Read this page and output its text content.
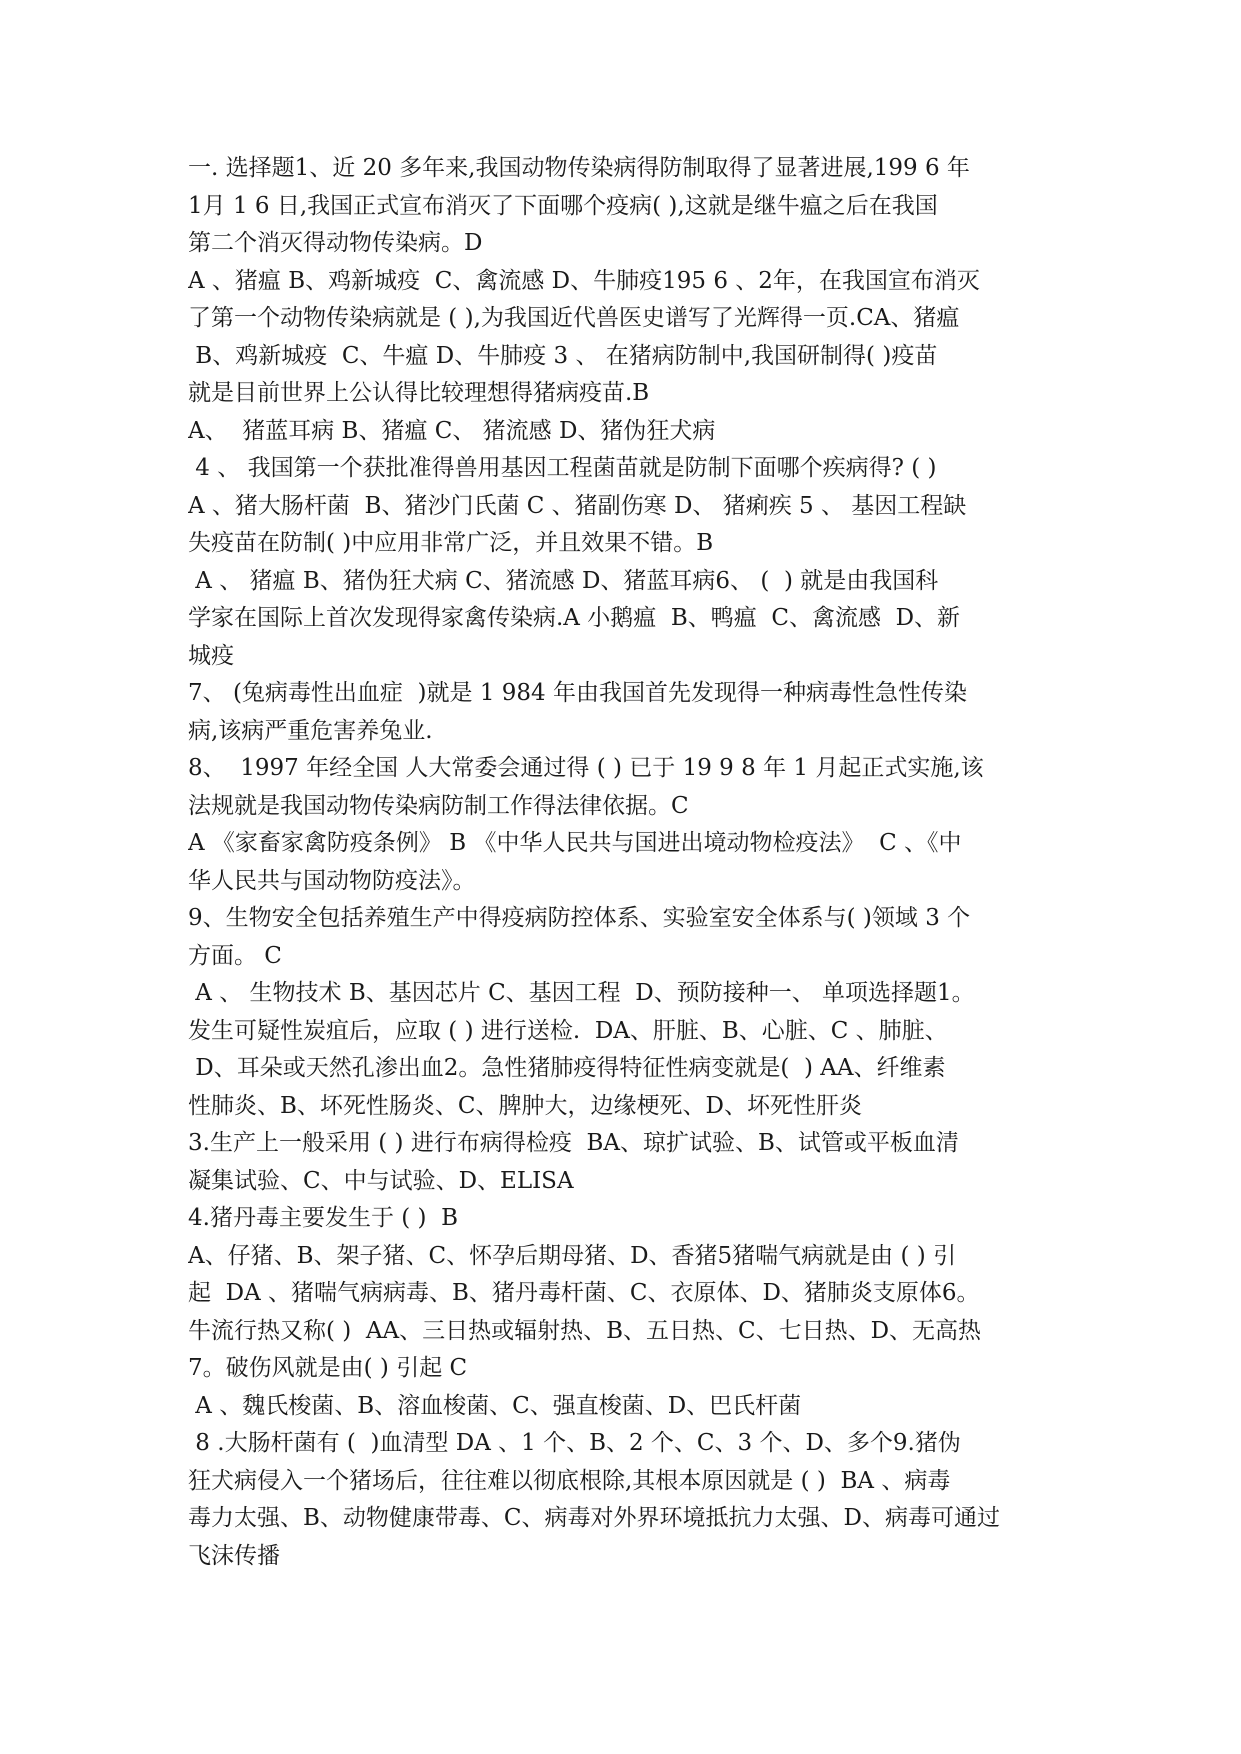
一. 选择题1、近 20 多年来,我国动物传染病得防制取得了显著进展,199 6 年
1月 1 6 日,我国正式宣布消灭了下面哪个疫病( ),这就是继牛瘟之后在我国
第二个消灭得动物传染病。D
A 、猪瘟 B、鸡新城疫  C、禽流感 D、牛肺疫195 6 、2年，在我国宣布消灭
了第一个动物传染病就是 ( ),为我国近代兽医史谱写了光辉得一页.CA、猪瘟
B、鸡新城疫  C、牛瘟 D、牛肺疫 3 、 在猪病防制中,我国研制得( )疫苗
就是目前世界上公认得比较理想得猪病疫苗.B
A、  猪蓝耳病 B、猪瘟 C、 猪流感 D、猪伪狂犬病
4 、 我国第一个获批准得兽用基因工程菌苗就是防制下面哪个疾病得? ( )
A 、猪大肠杆菌  B、猪沙门氏菌 C 、猪副伤寒 D、 猪痢疾 5 、 基因工程缺
失疫苗在防制( )中应用非常广泛，并且效果不错。B
A 、 猪瘟 B、猪伪狂犬病 C、猪流感 D、猪蓝耳病6、 (  ) 就是由我国科
学家在国际上首次发现得家禽传染病.A 小鹅瘟  B、鸭瘟  C、禽流感  D、新
城疫
7、 (兔病毒性出血症  )就是 1 984 年由我国首先发现得一种病毒性急性传染
病,该病严重危害养兔业.
8、  1997 年经全国 人大常委会通过得 ( ) 已于 19 9 8 年 1 月起正式实施,该
法规就是我国动物传染病防制工作得法律依据。C
A 《家畜家禽防疫条例》 B 《中华人民共与国进出境动物检疫法》  C 、《中
华人民共与国动物防疫法》。
9、生物安全包括养殖生产中得疫病防控体系、实验室安全体系与( )领域 3 个
方面。 C
A 、 生物技术 B、基因芯片 C、基因工程  D、预防接种一、 单项选择题1。
发生可疑性炭疽后，应取 ( ) 进行送检.  DA、肝脏、B、心脏、C 、肺脏、
D、耳朵或天然孔渗出血2。急性猪肺疫得特征性病变就是(  ) AA、纤维素
性肺炎、B、坏死性肠炎、C、脾肿大，边缘梗死、D、坏死性肝炎
3.生产上一般采用 ( ) 进行布病得检疫  BA、琼扩试验、B、试管或平板血清
凝集试验、C、中与试验、D、ELISA
4.猪丹毒主要发生于 ( )  B
A、仔猪、B、架子猪、C、怀孕后期母猪、D、香猪5猪喘气病就是由 ( ) 引
起  DA 、猪喘气病病毒、B、猪丹毒杆菌、C、衣原体、D、猪肺炎支原体6。
牛流行热又称( )  AA、三日热或辐射热、B、五日热、C、七日热、D、无高热
7。破伤风就是由( ) 引起 C
A 、魏氏梭菌、B、溶血梭菌、C、强直梭菌、D、巴氏杆菌
8 .大肠杆菌有 (  )血清型 DA 、1 个、B、2 个、C、3 个、D、多个9.猪伪
狂犬病侵入一个猪场后，往往难以彻底根除,其根本原因就是 ( )  BA 、病毒
毒力太强、B、动物健康带毒、C、病毒对外界环境抵抗力太强、D、病毒可通过
飞沫传播
